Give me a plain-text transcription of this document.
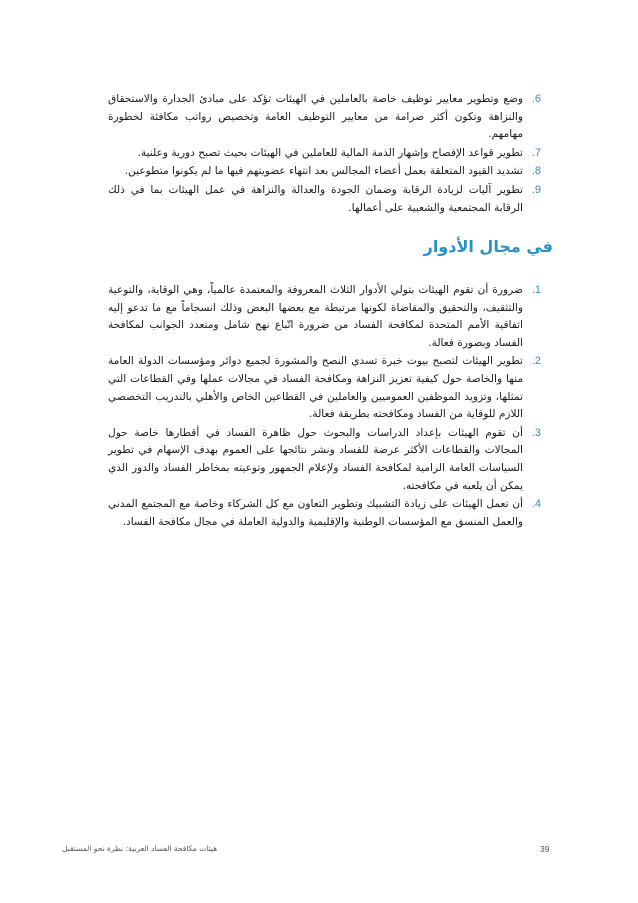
6.
وضع وتطوير معايير توظيف خاصة بالعاملين في الهيئات تؤكد على مبادئ الجدارة والاستحقاق والنزاهة وتكون أكثر صرامة من معايير التوظيف العامة وتخصيص رواتب مكافئة لخطورة مهامهم.
7.
تطوير قواعد الإفصاح وإشهار الذمة المالية للعاملين في الهيئات بحيث تصبح دورية وعلنية.
8.
تشديد القيود المتعلقة بعمل أعضاء المجالس بعد انتهاء عضويتهم فيها ما لم يكونوا متطوعين.
9.
تطوير آليات لزيادة الرقابة وضمان الجودة والعدالة والنزاهة في عمل الهيئات بما في ذلك الرقابة المجتمعية والشعبية على أعمالها.
في مجال الأدوار
1.
ضرورة أن تقوم الهيئات بتولي الأدوار الثلاث المعروفة والمعتمدة عالمياً، وهي الوقاية، والتوعية والتثقيف، والتحقيق والمقاضاة لكونها مرتبطة مع بعضها البعض وذلك انسجاماً مع ما تدعو إليه اتفاقية الأمم المتحدة لمكافحة الفساد من ضرورة اتّباع نهج شامل ومتعدد الجوانب لمكافحة الفساد وبصورة فعالة.
2.
تطوير الهيئات لتصبح بيوت خبرة تسدي النصح والمشورة لجميع دوائر ومؤسسات الدولة العامة منها والخاصة حول كيفية تعزيز النزاهة ومكافحة الفساد في مجالات عملها وفي القطاعات التي تمثلها، وتزويد الموظفين العموميين والعاملين في القطاعين الخاص والأهلي بالتدريب التخصصي اللازم للوقاية من الفساد ومكافحته بطريقة فعالة.
3.
أن تقوم الهيئات بإعداد الدراسات والبحوث حول ظاهرة الفساد في أقطارها خاصة حول المجالات والقطاعات الأكثر عرضة للفساد ونشر نتائجها على العموم بهدف الإسهام في تطوير السياسات العامة الرامية لمكافحة الفساد ولإعلام الجمهور وتوعيته بمخاطر الفساد والدور الذي يمكن أن يلعبه في مكافحته.
4.
أن تعمل الهيئات على زيادة التشبيك وتطوير التعاون مع كل الشركاء وخاصة مع المجتمع المدني والعمل المنسق مع المؤسسات الوطنية والإقليمية والدولية العاملة في مجال مكافحة الفساد.
39
هيئات مكافحة الفساد العربية: نظرة نحو المستقبل
